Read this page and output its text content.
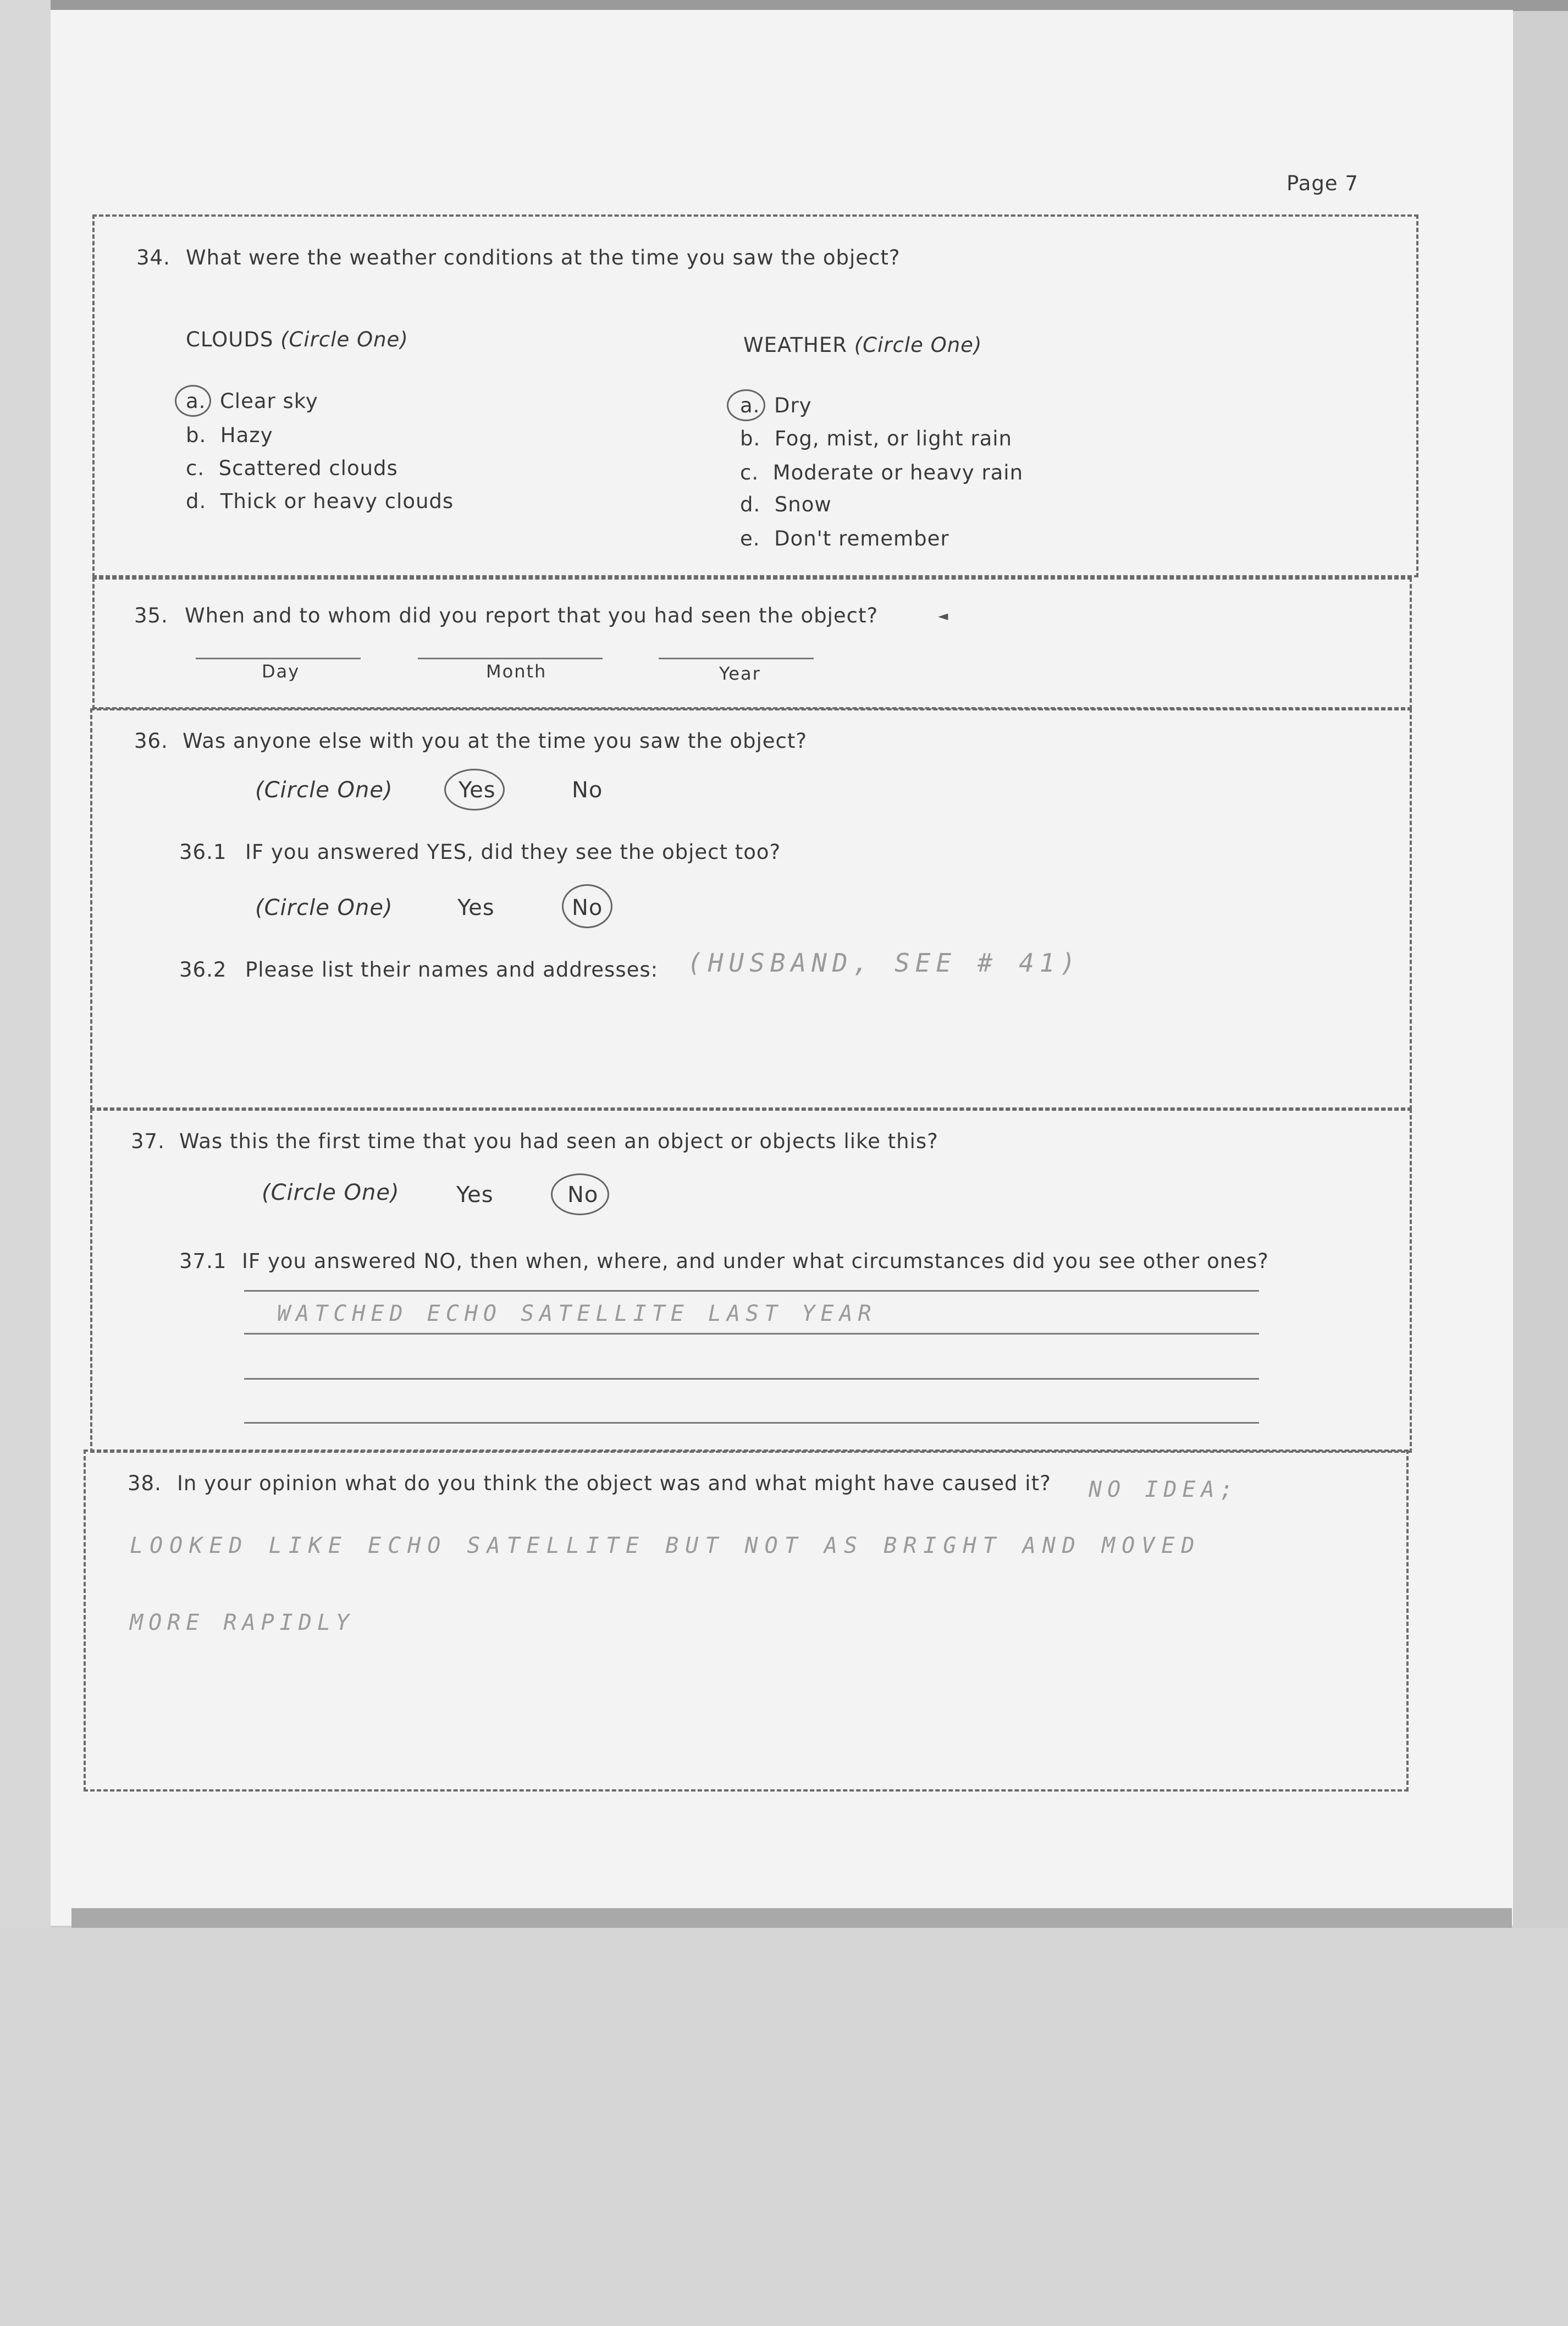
Page 7
34. What were the weather conditions at the time you saw the object?
CLOUDS (Circle One)	WEATHER (Circle One)
a. Clear sky
b. Hazy
c. Scattered clouds
d. Thick or heavy clouds
a. Dry
b. Fog, mist, or light rain
c. Moderate or heavy rain
d. Snow
e. Don't remember
35. When and to whom did you report that you had seen the object?	◄
Day	Month	Year
36. Was anyone else with you at the time you saw the object?
(Circle One)	Yes	No
36.1 IF you answered YES, did they see the object too?
(Circle One)	Yes	No
36.2 Please list their names and addresses: (HUSBAND, SEE # 41)
37. Was this the first time that you had seen an object or objects like this?
(Circle One)	Yes	No
37.1 IF you answered NO, then when, where, and under what circumstances did you see other ones?
WATCHED ECHO SATELLITE LAST YEAR
38. In your opinion what do you think the object was and what might have caused it? NO IDEA;
LOOKED LIKE ECHO SATELLITE BUT NOT AS BRIGHT AND MOVED
MORE RAPIDLY
